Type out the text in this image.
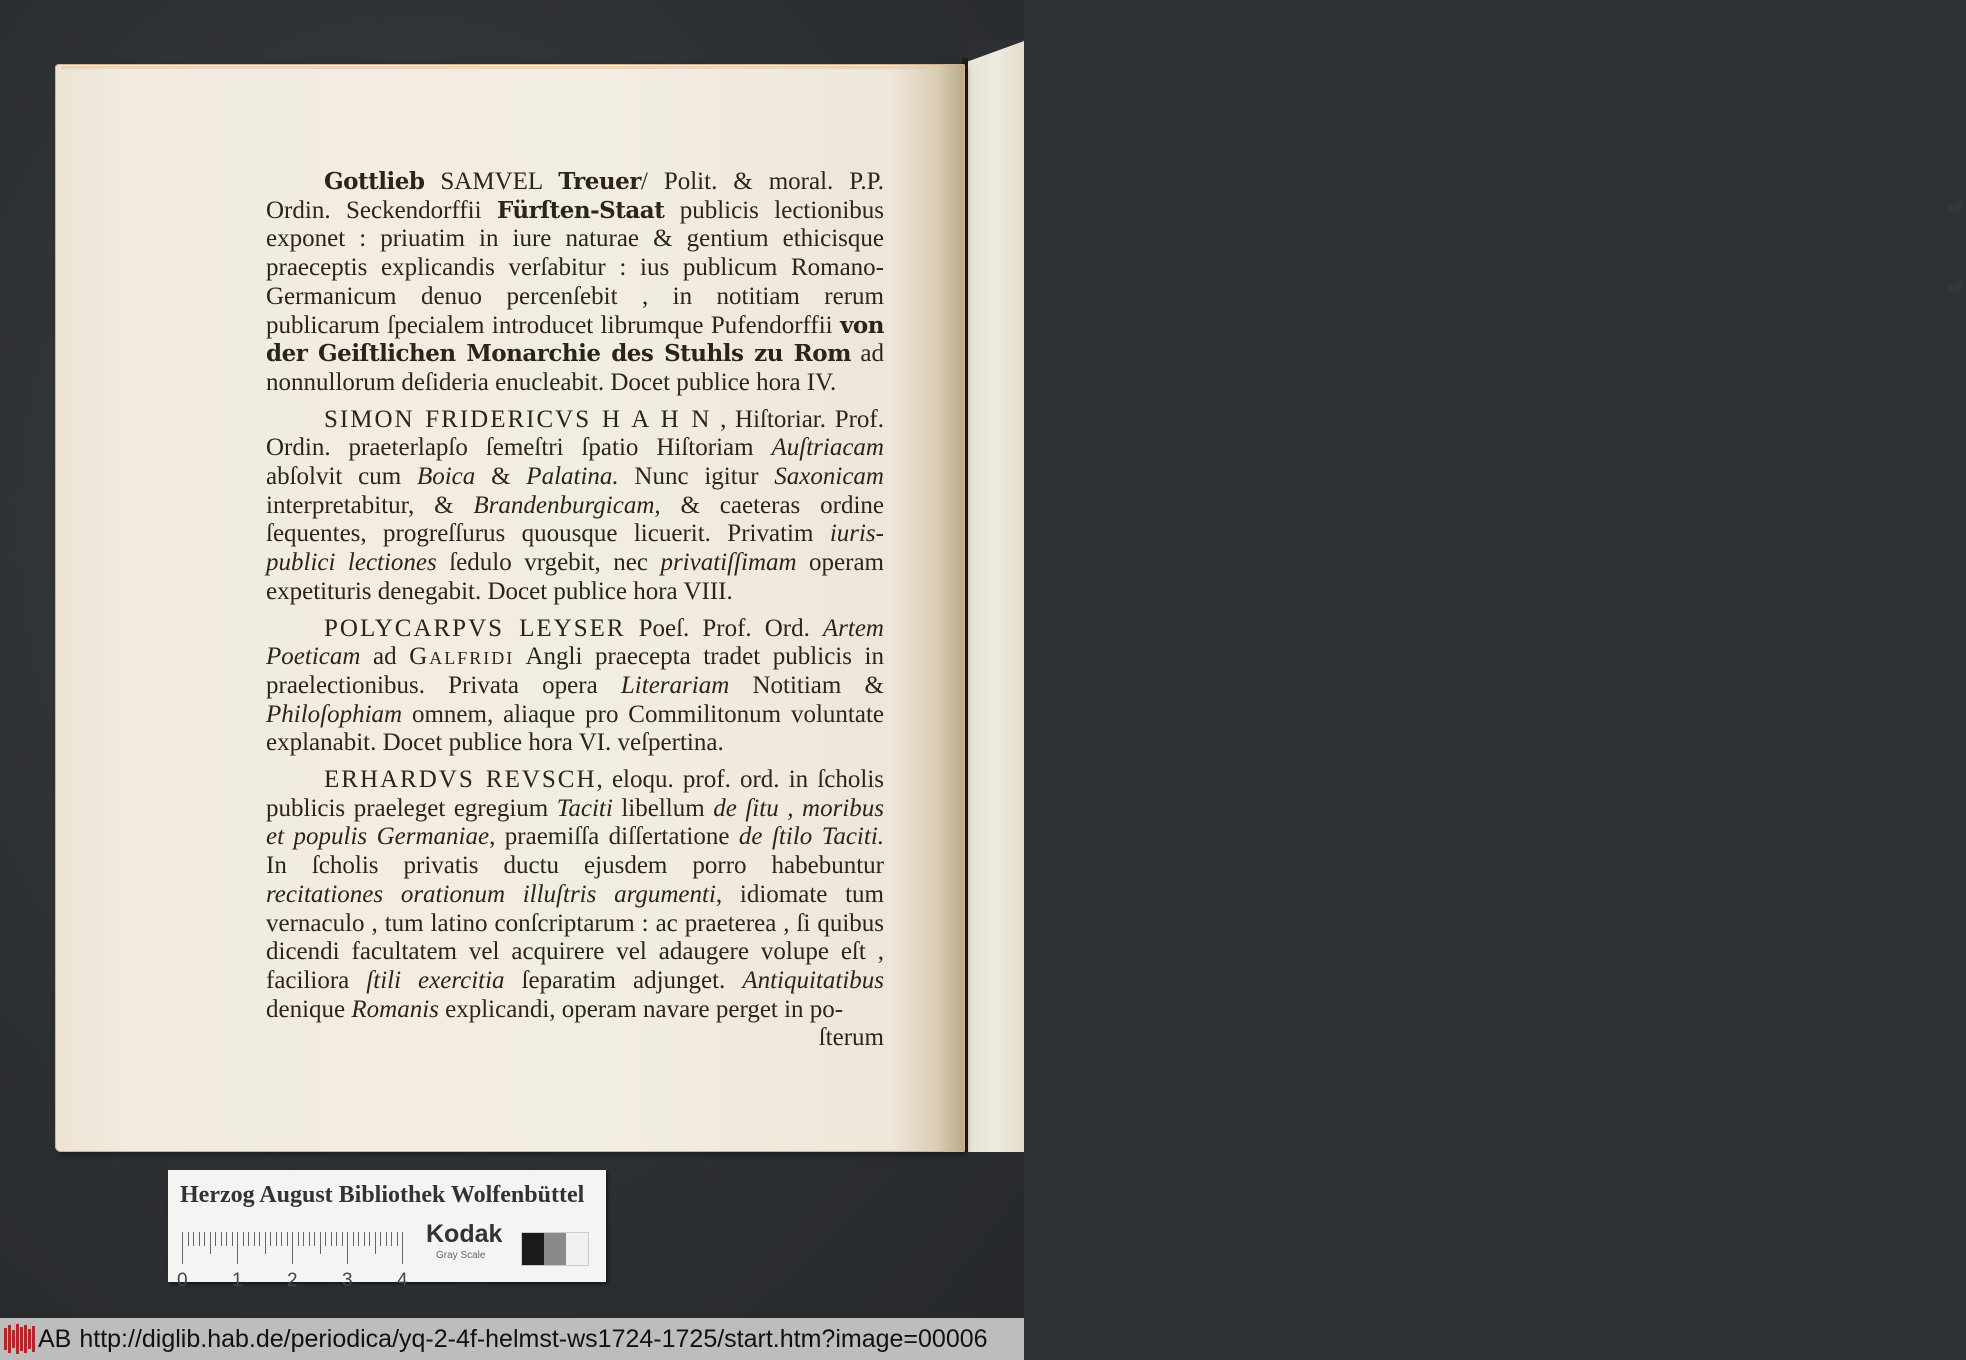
≡≡
≡≡

Gottlieb SAMVEL Treuer/ Polit. & moral. P.P. Ordin. Seckendorffii Fürſten-Staat publicis lectionibus exponet : priuatim in iure naturae & gentium ethicisque praeceptis explicandis verſabitur : ius publicum Romano-Germanicum denuo percenſebit , in notitiam rerum publicarum ſpecialem introducet librumque Pufendorffii von der Geiſtlichen Monarchie des Stuhls zu Rom ad nonnullorum deſideria enucleabit. Docet publice hora IV.

SIMON FRIDERICVS H A H N , Hiſtoriar. Prof. Ordin. praeterlapſo ſemeſtri ſpatio Hiſtoriam Auſtriacam abſolvit cum Boica & Palatina. Nunc igitur Saxonicam interpretabitur, & Brandenburgicam, & caeteras ordine ſequentes, progreſſurus quousque licuerit. Privatim iuris-publici lectiones ſedulo vrgebit, nec privatiſſimam operam expetituris denegabit. Docet publice hora VIII.

POLYCARPVS LEYSER Poeſ. Prof. Ord. Artem Poeticam ad Galfridi Angli praecepta tradet publicis in praelectionibus. Privata opera Literariam Notitiam & Philoſophiam omnem, aliaque pro Commilitonum voluntate explanabit. Docet publice hora VI. veſpertina.

ERHARDVS REVSCH, eloqu. prof. ord. in ſcholis publicis praeleget egregium Taciti libellum de ſitu , moribus et populis Germaniae, praemiſſa diſſertatione de ſtilo Taciti. In ſcholis privatis ductu ejusdem porro habebuntur recitationes orationum illuſtris argumenti, idiomate tum vernaculo , tum latino conſcriptarum : ac praeterea , ſi quibus dicendi facultatem vel acquirere vel adaugere volupe eſt , faciliora ſtili exercitia ſeparatim adjunget. Antiquitatibus denique Romanis explicandi, operam navare perget in po-
ſterum

Herzog August Bibliothek Wolfenbüttel
0 1 2 3 4
Kodak
Gray Scale
AB http://diglib.hab.de/periodica/yq-2-4f-helmst-ws1724-1725/start.htm?image=00006
